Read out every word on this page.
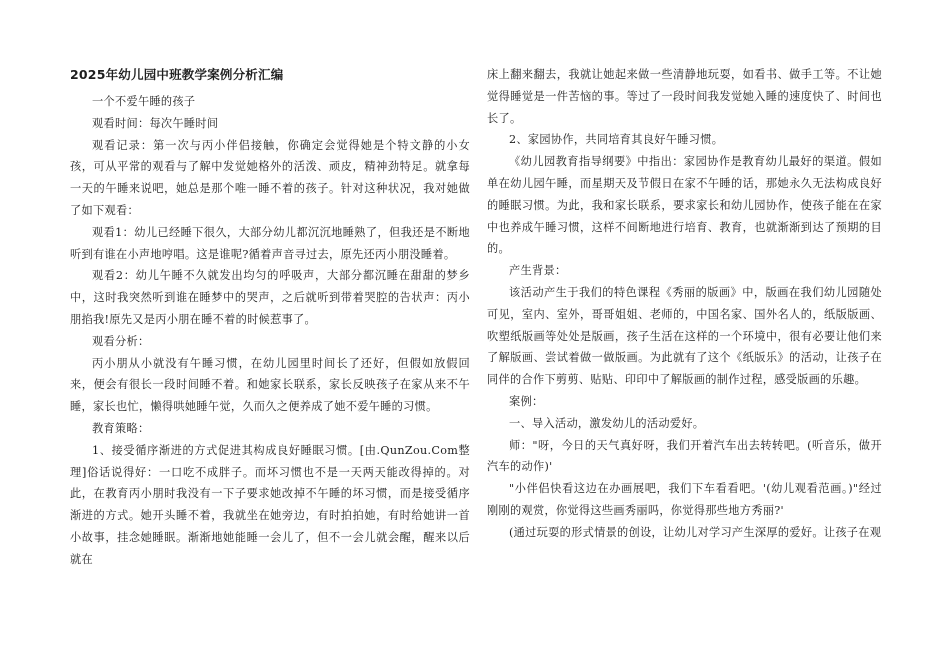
2025年幼儿园中班教学案例分析汇编

一个不爱午睡的孩子

观看时间：每次午睡时间

观看记录：第一次与丙小伴侣接触，你确定会觉得她是个特文静的小女孩，可从平常的观看与了解中发觉她格外的活泼、顽皮，精神劲特足。就拿每一天的午睡来说吧，她总是那个唯一睡不着的孩子。针对这种状况，我对她做了如下观看：

观看1：幼儿已经睡下很久，大部分幼儿都沉沉地睡熟了，但我还是不断地听到有谁在小声地哼唱。这是谁呢?循着声音寻过去，原先还丙小朋没睡着。

观看2：幼儿午睡不久就发出均匀的呼吸声，大部分都沉睡在甜甜的梦乡中，这时我突然听到谁在睡梦中的哭声，之后就听到带着哭腔的告状声：丙小朋掐我!原先又是丙小朋在睡不着的时候惹事了。

观看分析：

丙小朋从小就没有午睡习惯，在幼儿园里时间长了还好，但假如放假回来，便会有很长一段时间睡不着。和她家长联系，家长反映孩子在家从来不午睡，家长也忙，懒得哄她睡午觉，久而久之便养成了她不爱午睡的习惯。

教育策略：

1、接受循序渐进的方式促进其构成良好睡眠习惯。[由.QunZou.Com整理]俗话说得好：一口吃不成胖子。而坏习惯也不是一天两天能改得掉的。对此，在教育丙小朋时我没有一下子要求她改掉不午睡的坏习惯，而是接受循序渐进的方式。她开头睡不着，我就坐在她旁边，有时拍拍她，有时给她讲一首小故事，挂念她睡眠。渐渐地她能睡一会儿了，但不一会儿就会醒，醒来以后就在

床上翻来翻去，我就让她起来做一些清静地玩耍，如看书、做手工等。不让她觉得睡觉是一件苦恼的事。等过了一段时间我发觉她入睡的速度快了、时间也长了。

2、家园协作，共同培育其良好午睡习惯。

《幼儿园教育指导纲要》中指出：家园协作是教育幼儿最好的渠道。假如单在幼儿园午睡，而星期天及节假日在家不午睡的话，那她永久无法构成良好的睡眠习惯。为此，我和家长联系，要求家长和幼儿园协作，使孩子能在在家中也养成午睡习惯，这样不间断地进行培育、教育，也就渐渐到达了预期的目的。

产生背景：

该活动产生于我们的特色课程《秀丽的版画》中，版画在我们幼儿园随处可见，室内、室外，哥哥姐姐、老师的，中国名家、国外名人的，纸版版画、吹塑纸版画等处处是版画，孩子生活在这样的一个环境中，很有必要让他们来了解版画、尝试着做一做版画。为此就有了这个《纸版乐》的活动，让孩子在同伴的合作下剪剪、贴贴、印印中了解版画的制作过程，感受版画的乐趣。

案例：

一、导入活动，激发幼儿的活动爱好。

师："呀，今日的天气真好呀，我们开着汽车出去转转吧。(听音乐，做开汽车的动作)'

"小伴侣快看这边在办画展吧，我们下车看看吧。'(幼儿观看范画。)"经过刚刚的观赏，你觉得这些画秀丽吗，你觉得那些地方秀丽?'

(通过玩耍的形式情景的创设，让幼儿对学习产生深厚的爱好。让孩子在观
